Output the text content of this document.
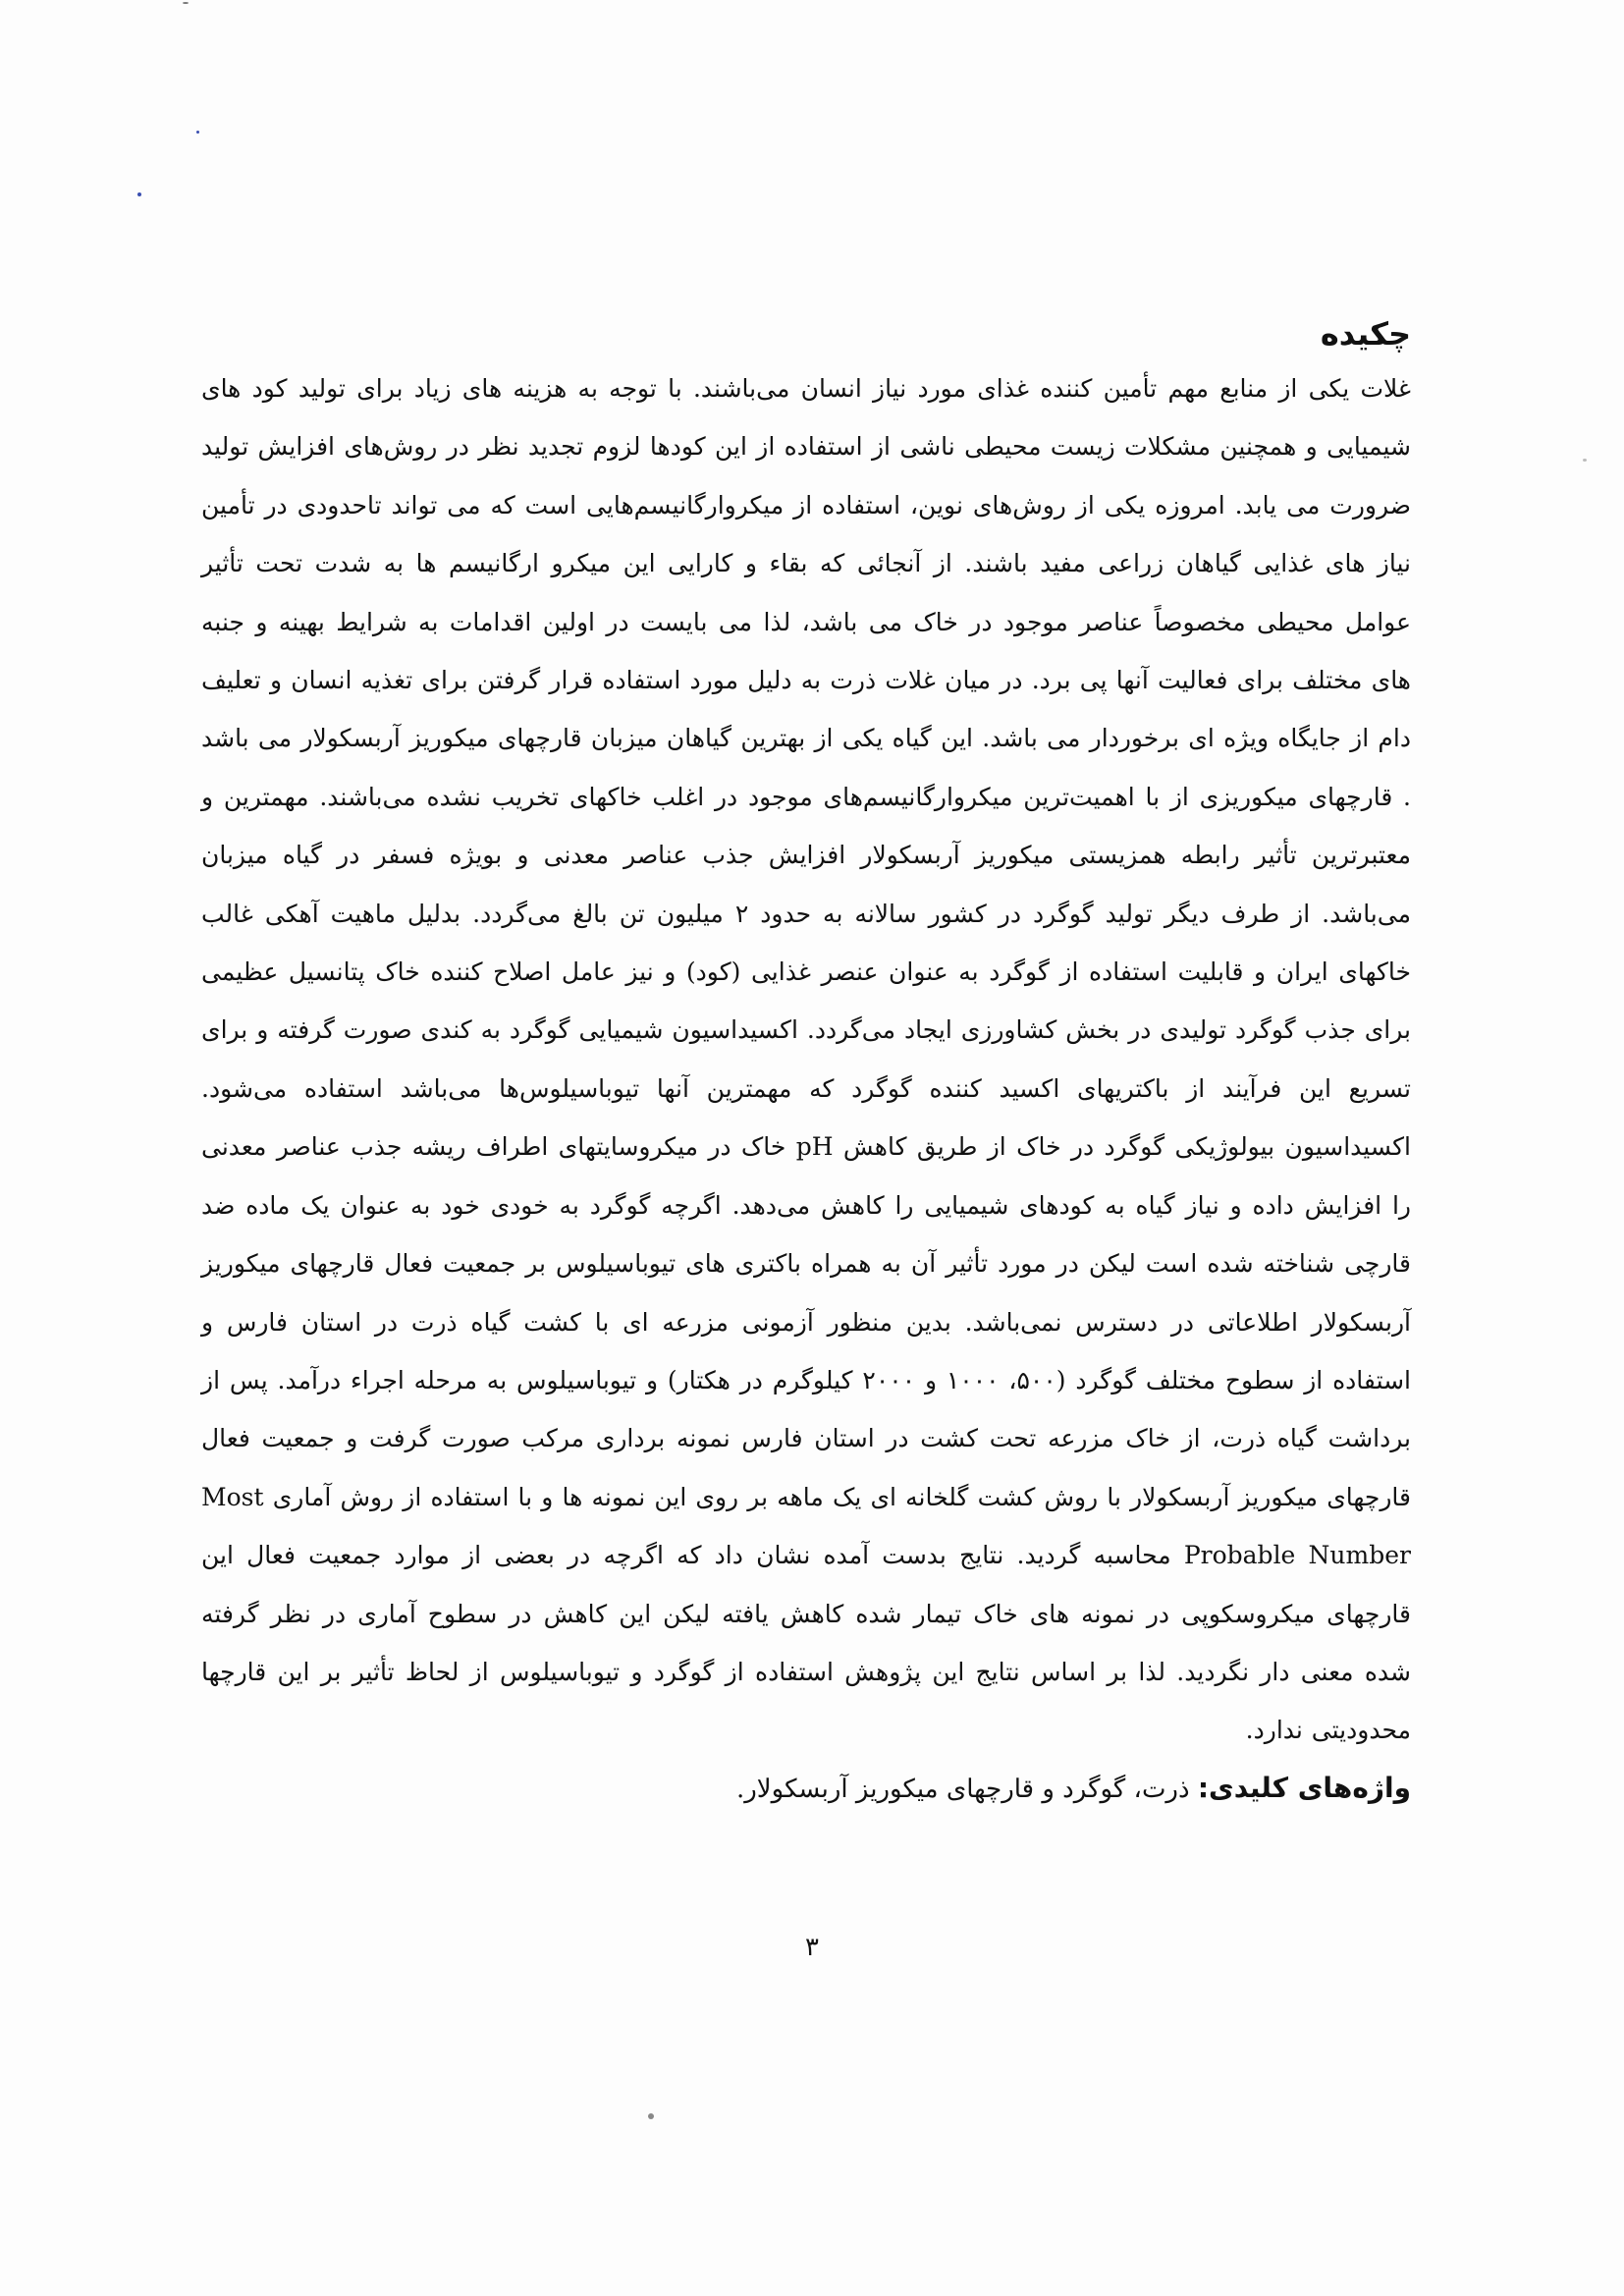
چکیده

غلات یکی از منابع مهم تأمین کننده غذای مورد نیاز انسان می‌باشند. با توجه به هزینه های زیاد برای تولید کود های شیمیایی و همچنین مشکلات زیست محیطی ناشی از استفاده از این کودها لزوم تجدید نظر در روش‌های افزایش تولید ضرورت می یابد. امروزه یکی از روش‌های نوین، استفاده از میکروارگانیسم‌هایی است که می تواند تاحدودی در تأمین نیاز های غذایی گیاهان زراعی مفید باشند. از آنجائی که بقاء و کارایی این میکرو ارگانیسم ها به شدت تحت تأثیر عوامل محیطی مخصوصاً عناصر موجود در خاک می باشد، لذا می بایست در اولین اقدامات به شرایط بهینه و جنبه های مختلف برای فعالیت آنها پی برد. در میان غلات ذرت به دلیل مورد استفاده قرار گرفتن برای تغذیه انسان و تعلیف دام از جایگاه ویژه ای برخوردار می باشد. این گیاه یکی از بهترین گیاهان میزبان قارچهای میکوریز آربسکولار می باشد . قارچهای میکوریزی از با اهمیت‌ترین میکروارگانیسم‌های موجود در اغلب خاکهای تخریب نشده می‌باشند. مهمترین و معتبرترین تأثیر رابطه همزیستی میکوریز آربسکولار افزایش جذب عناصر معدنی و بویژه فسفر در گیاه میزبان می‌باشد. از طرف دیگر تولید گوگرد در کشور سالانه به حدود ۲ میلیون تن بالغ می‌گردد. بدلیل ماهیت آهکی غالب خاکهای ایران و قابلیت استفاده از گوگرد به عنوان عنصر غذایی (کود) و نیز عامل اصلاح کننده خاک پتانسیل عظیمی برای جذب گوگرد تولیدی در بخش کشاورزی ایجاد می‌گردد. اکسیداسیون شیمیایی گوگرد به کندی صورت گرفته و برای تسریع این فرآیند از باکتریهای اکسید کننده گوگرد که مهمترین آنها تیوباسیلوس‌ها می‌باشد استفاده می‌شود. اکسیداسیون بیولوژیکی گوگرد در خاک از طریق کاهش pH خاک در میکروسایتهای اطراف ریشه جذب عناصر معدنی را افزایش داده و نیاز گیاه به کودهای شیمیایی را کاهش می‌دهد. اگرچه گوگرد به خودی خود به عنوان یک ماده ضد قارچی شناخته شده است لیکن در مورد تأثیر آن به همراه باکتری های تیوباسیلوس بر جمعیت فعال قارچهای میکوریز آربسکولار اطلاعاتی در دسترس نمی‌باشد. بدین منظور آزمونی مزرعه ای با کشت گیاه ذرت در استان فارس و استفاده از سطوح مختلف گوگرد (۵۰۰، ۱۰۰۰ و ۲۰۰۰ کیلوگرم در هکتار) و تیوباسیلوس به مرحله اجراء درآمد. پس از برداشت گیاه ذرت، از خاک مزرعه تحت کشت در استان فارس نمونه برداری مرکب صورت گرفت و جمعیت فعال قارچهای میکوریز آربسکولار با روش کشت گلخانه ای یک ماهه بر روی این نمونه ها و با استفاده از روش آماری Most Probable Number محاسبه گردید. نتایج بدست آمده نشان داد که اگرچه در بعضی از موارد جمعیت فعال این قارچهای میکروسکوپی در نمونه های خاک تیمار شده کاهش یافته لیکن این کاهش در سطوح آماری در نظر گرفته شده معنی دار نگردید. لذا بر اساس نتایج این پژوهش استفاده از گوگرد و تیوباسیلوس از لحاظ تأثیر بر این قارچها محدودیتی ندارد.

واژه‌های کلیدی: ذرت، گوگرد و قارچهای میکوریز آربسکولار.
۳
